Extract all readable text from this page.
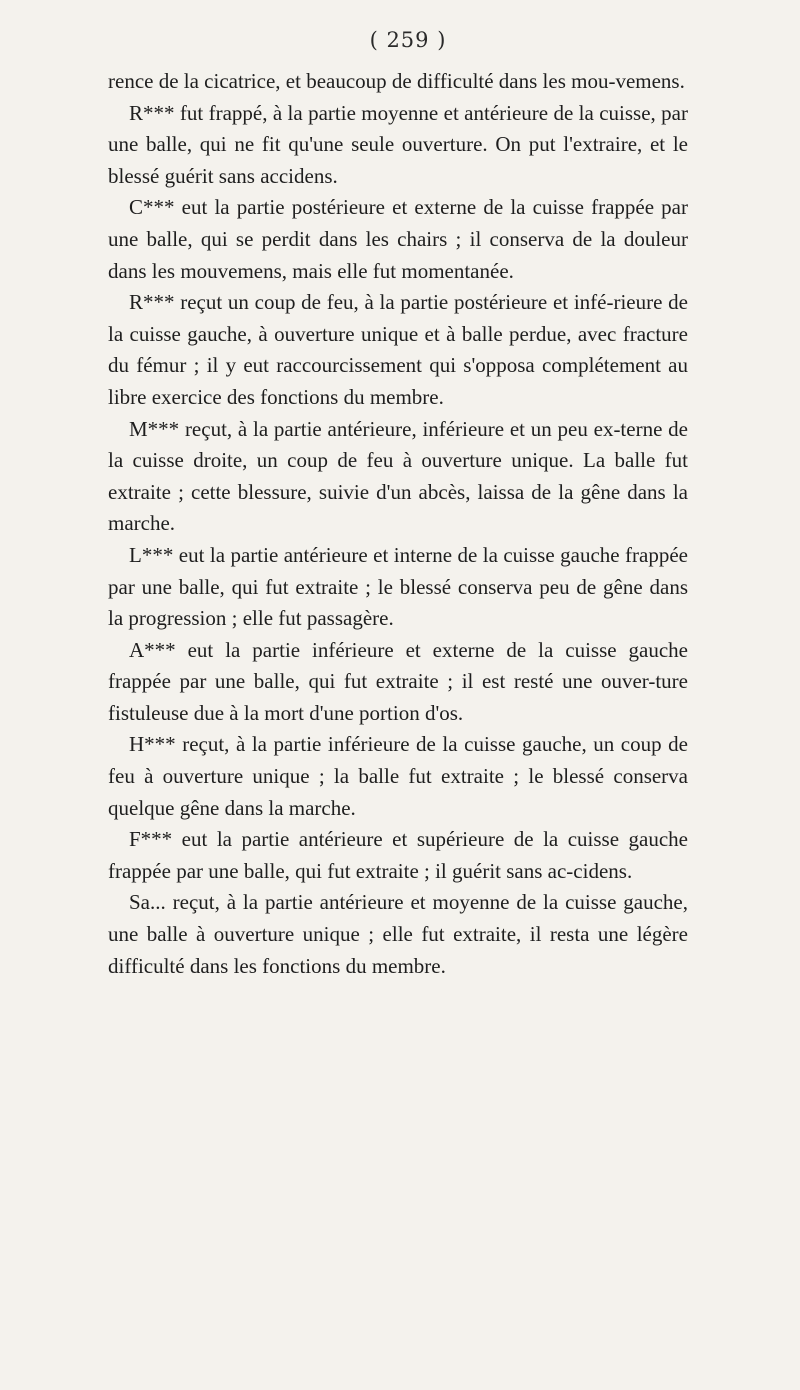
( 259 )

rence de la cicatrice, et beaucoup de difficulté dans les mou-vemens.

R*** fut frappé, à la partie moyenne et antérieure de la cuisse, par une balle, qui ne fit qu'une seule ouverture. On put l'extraire, et le blessé guérit sans accidens.

C*** eut la partie postérieure et externe de la cuisse frappée par une balle, qui se perdit dans les chairs ; il conserva de la douleur dans les mouvemens, mais elle fut momentanée.

R*** reçut un coup de feu, à la partie postérieure et infé-rieure de la cuisse gauche, à ouverture unique et à balle perdue, avec fracture du fémur ; il y eut raccourcissement qui s'opposa complétement au libre exercice des fonctions du membre.

M*** reçut, à la partie antérieure, inférieure et un peu ex-terne de la cuisse droite, un coup de feu à ouverture unique. La balle fut extraite ; cette blessure, suivie d'un abcès, laissa de la gêne dans la marche.

L*** eut la partie antérieure et interne de la cuisse gauche frappée par une balle, qui fut extraite ; le blessé conserva peu de gêne dans la progression ; elle fut passagère.

A*** eut la partie inférieure et externe de la cuisse gauche frappée par une balle, qui fut extraite ; il est resté une ouver-ture fistuleuse due à la mort d'une portion d'os.

H*** reçut, à la partie inférieure de la cuisse gauche, un coup de feu à ouverture unique ; la balle fut extraite ; le blessé conserva quelque gêne dans la marche.

F*** eut la partie antérieure et supérieure de la cuisse gauche frappée par une balle, qui fut extraite ; il guérit sans ac-cidens.

Sa... reçut, à la partie antérieure et moyenne de la cuisse gauche, une balle à ouverture unique ; elle fut extraite, il resta une légère difficulté dans les fonctions du membre.
